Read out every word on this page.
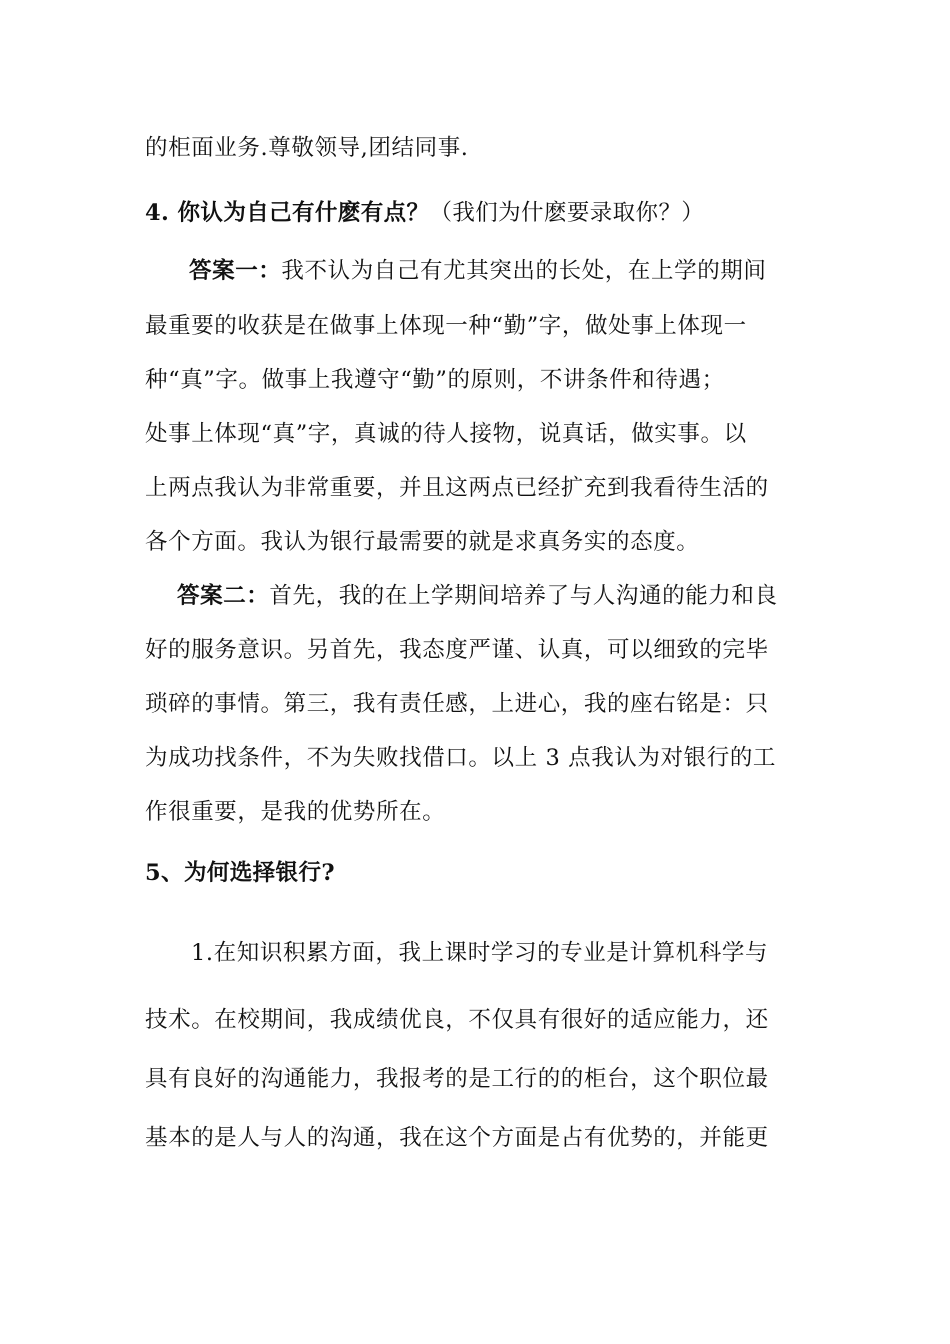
的柜面业务.尊敬领导,团结同事.
4. 你认为自己有什麽有点？（我们为什麽要录取你？）
答案一：我不认为自己有尤其突出的长处，在上学的期间
最重要的收获是在做事上体现一种“勤”字，做处事上体现一
种“真”字。做事上我遵守“勤”的原则，不讲条件和待遇；
处事上体现“真”字，真诚的待人接物，说真话，做实事。以
上两点我认为非常重要，并且这两点已经扩充到我看待生活的
各个方面。我认为银行最需要的就是求真务实的态度。
答案二：首先，我的在上学期间培养了与人沟通的能力和良
好的服务意识。另首先，我态度严谨、认真，可以细致的完毕
琐碎的事情。第三，我有责任感，上进心，我的座右铭是：只
为成功找条件，不为失败找借口。以上 3 点我认为对银行的工
作很重要，是我的优势所在。
5、为何选择银行?
1.在知识积累方面，我上课时学习的专业是计算机科学与
技术。在校期间，我成绩优良，不仅具有很好的适应能力，还
具有良好的沟通能力，我报考的是工行的的柜台，这个职位最
基本的是人与人的沟通，我在这个方面是占有优势的，并能更
